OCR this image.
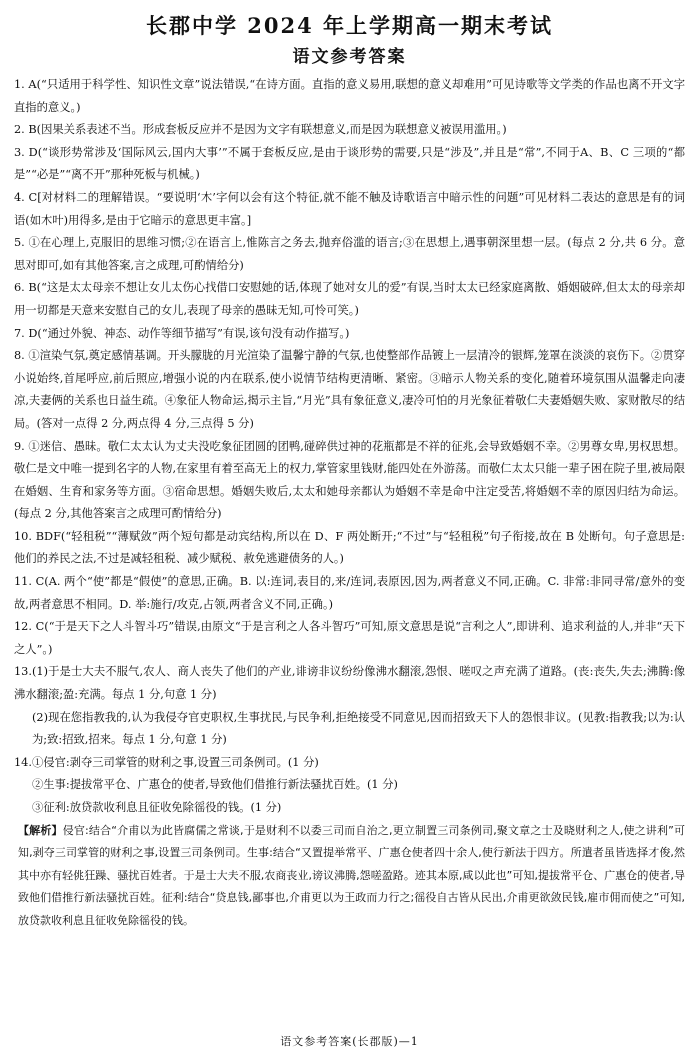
长郡中学 2024 年上学期高一期末考试
语文参考答案

1. A(“只适用于科学性、知识性文章”说法错误,“在诗方面。直指的意义易用,联想的意义却难用”可见诗歌等文学类的作品也离不开文字直指的意义。)

2. B(因果关系表述不当。形成套板反应并不是因为文字有联想意义,而是因为联想意义被误用滥用。)

3. D(“谈形势常涉及‘国际风云,国内大事’”不属于套板反应,是由于谈形势的需要,只是“涉及”,并且是“常”,不同于A、B、C 三项的“都是”“必是”“离不开”那种死板与机械。)

4. C[对材料二的理解错误。“要说明‘木’字何以会有这个特征,就不能不触及诗歌语言中暗示性的问题”可见材料二表达的意思是有的词语(如木叶)用得多,是由于它暗示的意思更丰富。]

5. ①在心理上,克服旧的思维习惯;②在语言上,惟陈言之务去,抛弃俗滥的语言;③在思想上,遇事朝深里想一层。(每点 2 分,共 6 分。意思对即可,如有其他答案,言之成理,可酌情给分)

6. B(“这是太太母亲不想让女儿太伤心找借口安慰她的话,体现了她对女儿的爱”有误,当时太太已经家庭离散、婚姻破碎,但太太的母亲却用一切都是天意来安慰自己的女儿,表现了母亲的愚昧无知,可怜可笑。)

7. D(“通过外貌、神态、动作等细节描写”有误,该句没有动作描写。)

8. ①渲染气氛,奠定感情基调。开头朦胧的月光渲染了温馨宁静的气氛,也使整部作品镀上一层清冷的银辉,笼罩在淡淡的哀伤下。②贯穿小说始终,首尾呼应,前后照应,增强小说的内在联系,使小说情节结构更清晰、紧密。③暗示人物关系的变化,随着环境氛围从温馨走向凄凉,夫妻俩的关系也日益生疏。④象征人物命运,揭示主旨,“月光”具有象征意义,凄冷可怕的月光象征着敬仁夫妻婚姻失败、家财散尽的结局。(答对一点得 2 分,两点得 4 分,三点得 5 分)

9. ①迷信、愚昧。敬仁太太认为丈夫没吃象征团圆的团鸭,碰碎供过神的花瓶都是不祥的征兆,会导致婚姻不幸。②男尊女卑,男权思想。敬仁是文中唯一提到名字的人物,在家里有着至高无上的权力,掌管家里钱财,能四处在外游荡。而敬仁太太只能一辈子困在院子里,被局限在婚姻、生育和家务等方面。③宿命思想。婚姻失败后,太太和她母亲都认为婚姻不幸是命中注定受苦,将婚姻不幸的原因归结为命运。(每点 2 分,其他答案言之成理可酌情给分)

10. BDF(“轻租税”“薄赋敛”两个短句都是动宾结构,所以在 D、F 两处断开;“不过”与“轻租税”句子衔接,故在 B 处断句。句子意思是:他们的养民之法,不过是减轻租税、减少赋税、赦免逃避债务的人。)

11. C(A. 两个“使”都是“假使”的意思,正确。B. 以:连词,表目的,来/连词,表原因,因为,两者意义不同,正确。C. 非常:非同寻常/意外的变故,两者意思不相同。D. 举:施行/攻克,占领,两者含义不同,正确。)

12. C(“于是天下之人斗智斗巧”错误,由原文“于是言利之人各斗智巧”可知,原文意思是说“言利之人”,即讲利、追求利益的人,并非“天下之人”。)

13.(1)于是士大夫不服气,农人、商人丧失了他们的产业,诽谤非议纷纷像沸水翻滚,怨恨、嗟叹之声充满了道路。(丧:丧失,失去;沸腾:像沸水翻滚;盈:充满。每点 1 分,句意 1 分)

(2)现在您指教我的,认为我侵夺官吏职权,生事扰民,与民争利,拒绝接受不同意见,因而招致天下人的怨恨非议。(见教:指教我;以为:认为;致:招致,招来。每点 1 分,句意 1 分)

14.①侵官:剥夺三司掌管的财利之事,设置三司条例司。(1 分)

②生事:提拔常平仓、广惠仓的使者,导致他们借推行新法骚扰百姓。(1 分)

③征利:放贷款收利息且征收免除徭役的钱。(1 分)

【解析】侵官:结合“介甫以为此皆腐儒之常谈,于是财利不以委三司而自治之,更立制置三司条例司,聚文章之士及晓财利之人,使之讲利”可知,剥夺三司掌管的财利之事,设置三司条例司。生事:结合“又置提举常平、广惠仓使者四十余人,使行新法于四方。所遣者虽皆选择才俊,然其中亦有轻佻狂躁、骚扰百姓者。于是士大夫不服,农商丧业,谤议沸腾,怨嗟盈路。迹其本原,咸以此也”可知,提拔常平仓、广惠仓的使者,导致他们借推行新法骚扰百姓。征利:结合“贷息钱,鄙事也,介甫更以为王政而力行之;徭役自古皆从民出,介甫更欲敛民钱,雇市佣而使之”可知,放贷款收利息且征收免除徭役的钱。

语文参考答案(长郡版)—1
